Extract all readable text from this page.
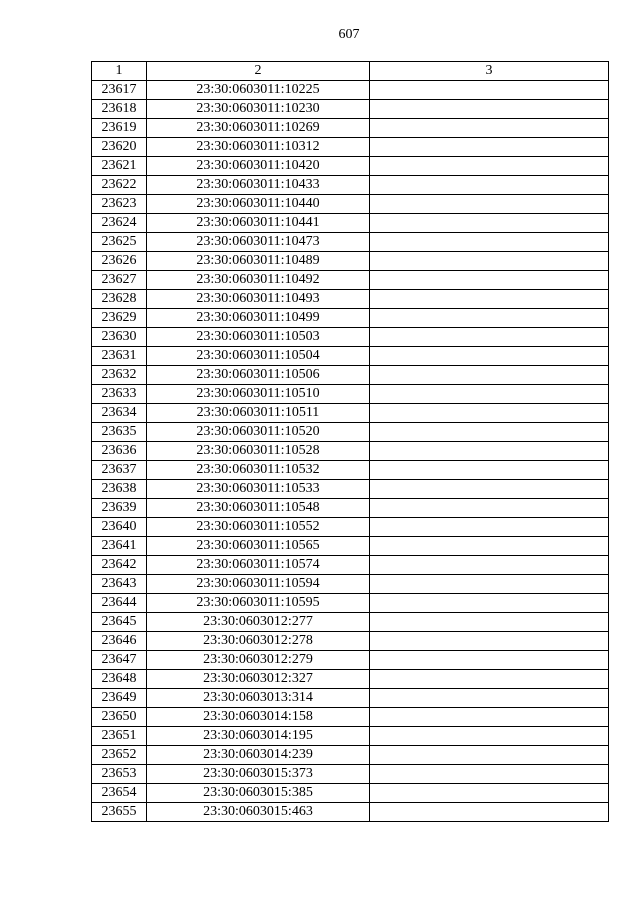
607
1	2	3
23617	23:30:0603011:10225	
23618	23:30:0603011:10230	
23619	23:30:0603011:10269	
23620	23:30:0603011:10312	
23621	23:30:0603011:10420	
23622	23:30:0603011:10433	
23623	23:30:0603011:10440	
23624	23:30:0603011:10441	
23625	23:30:0603011:10473	
23626	23:30:0603011:10489	
23627	23:30:0603011:10492	
23628	23:30:0603011:10493	
23629	23:30:0603011:10499	
23630	23:30:0603011:10503	
23631	23:30:0603011:10504	
23632	23:30:0603011:10506	
23633	23:30:0603011:10510	
23634	23:30:0603011:10511	
23635	23:30:0603011:10520	
23636	23:30:0603011:10528	
23637	23:30:0603011:10532	
23638	23:30:0603011:10533	
23639	23:30:0603011:10548	
23640	23:30:0603011:10552	
23641	23:30:0603011:10565	
23642	23:30:0603011:10574	
23643	23:30:0603011:10594	
23644	23:30:0603011:10595	
23645	23:30:0603012:277	
23646	23:30:0603012:278	
23647	23:30:0603012:279	
23648	23:30:0603012:327	
23649	23:30:0603013:314	
23650	23:30:0603014:158	
23651	23:30:0603014:195	
23652	23:30:0603014:239	
23653	23:30:0603015:373	
23654	23:30:0603015:385	
23655	23:30:0603015:463	
